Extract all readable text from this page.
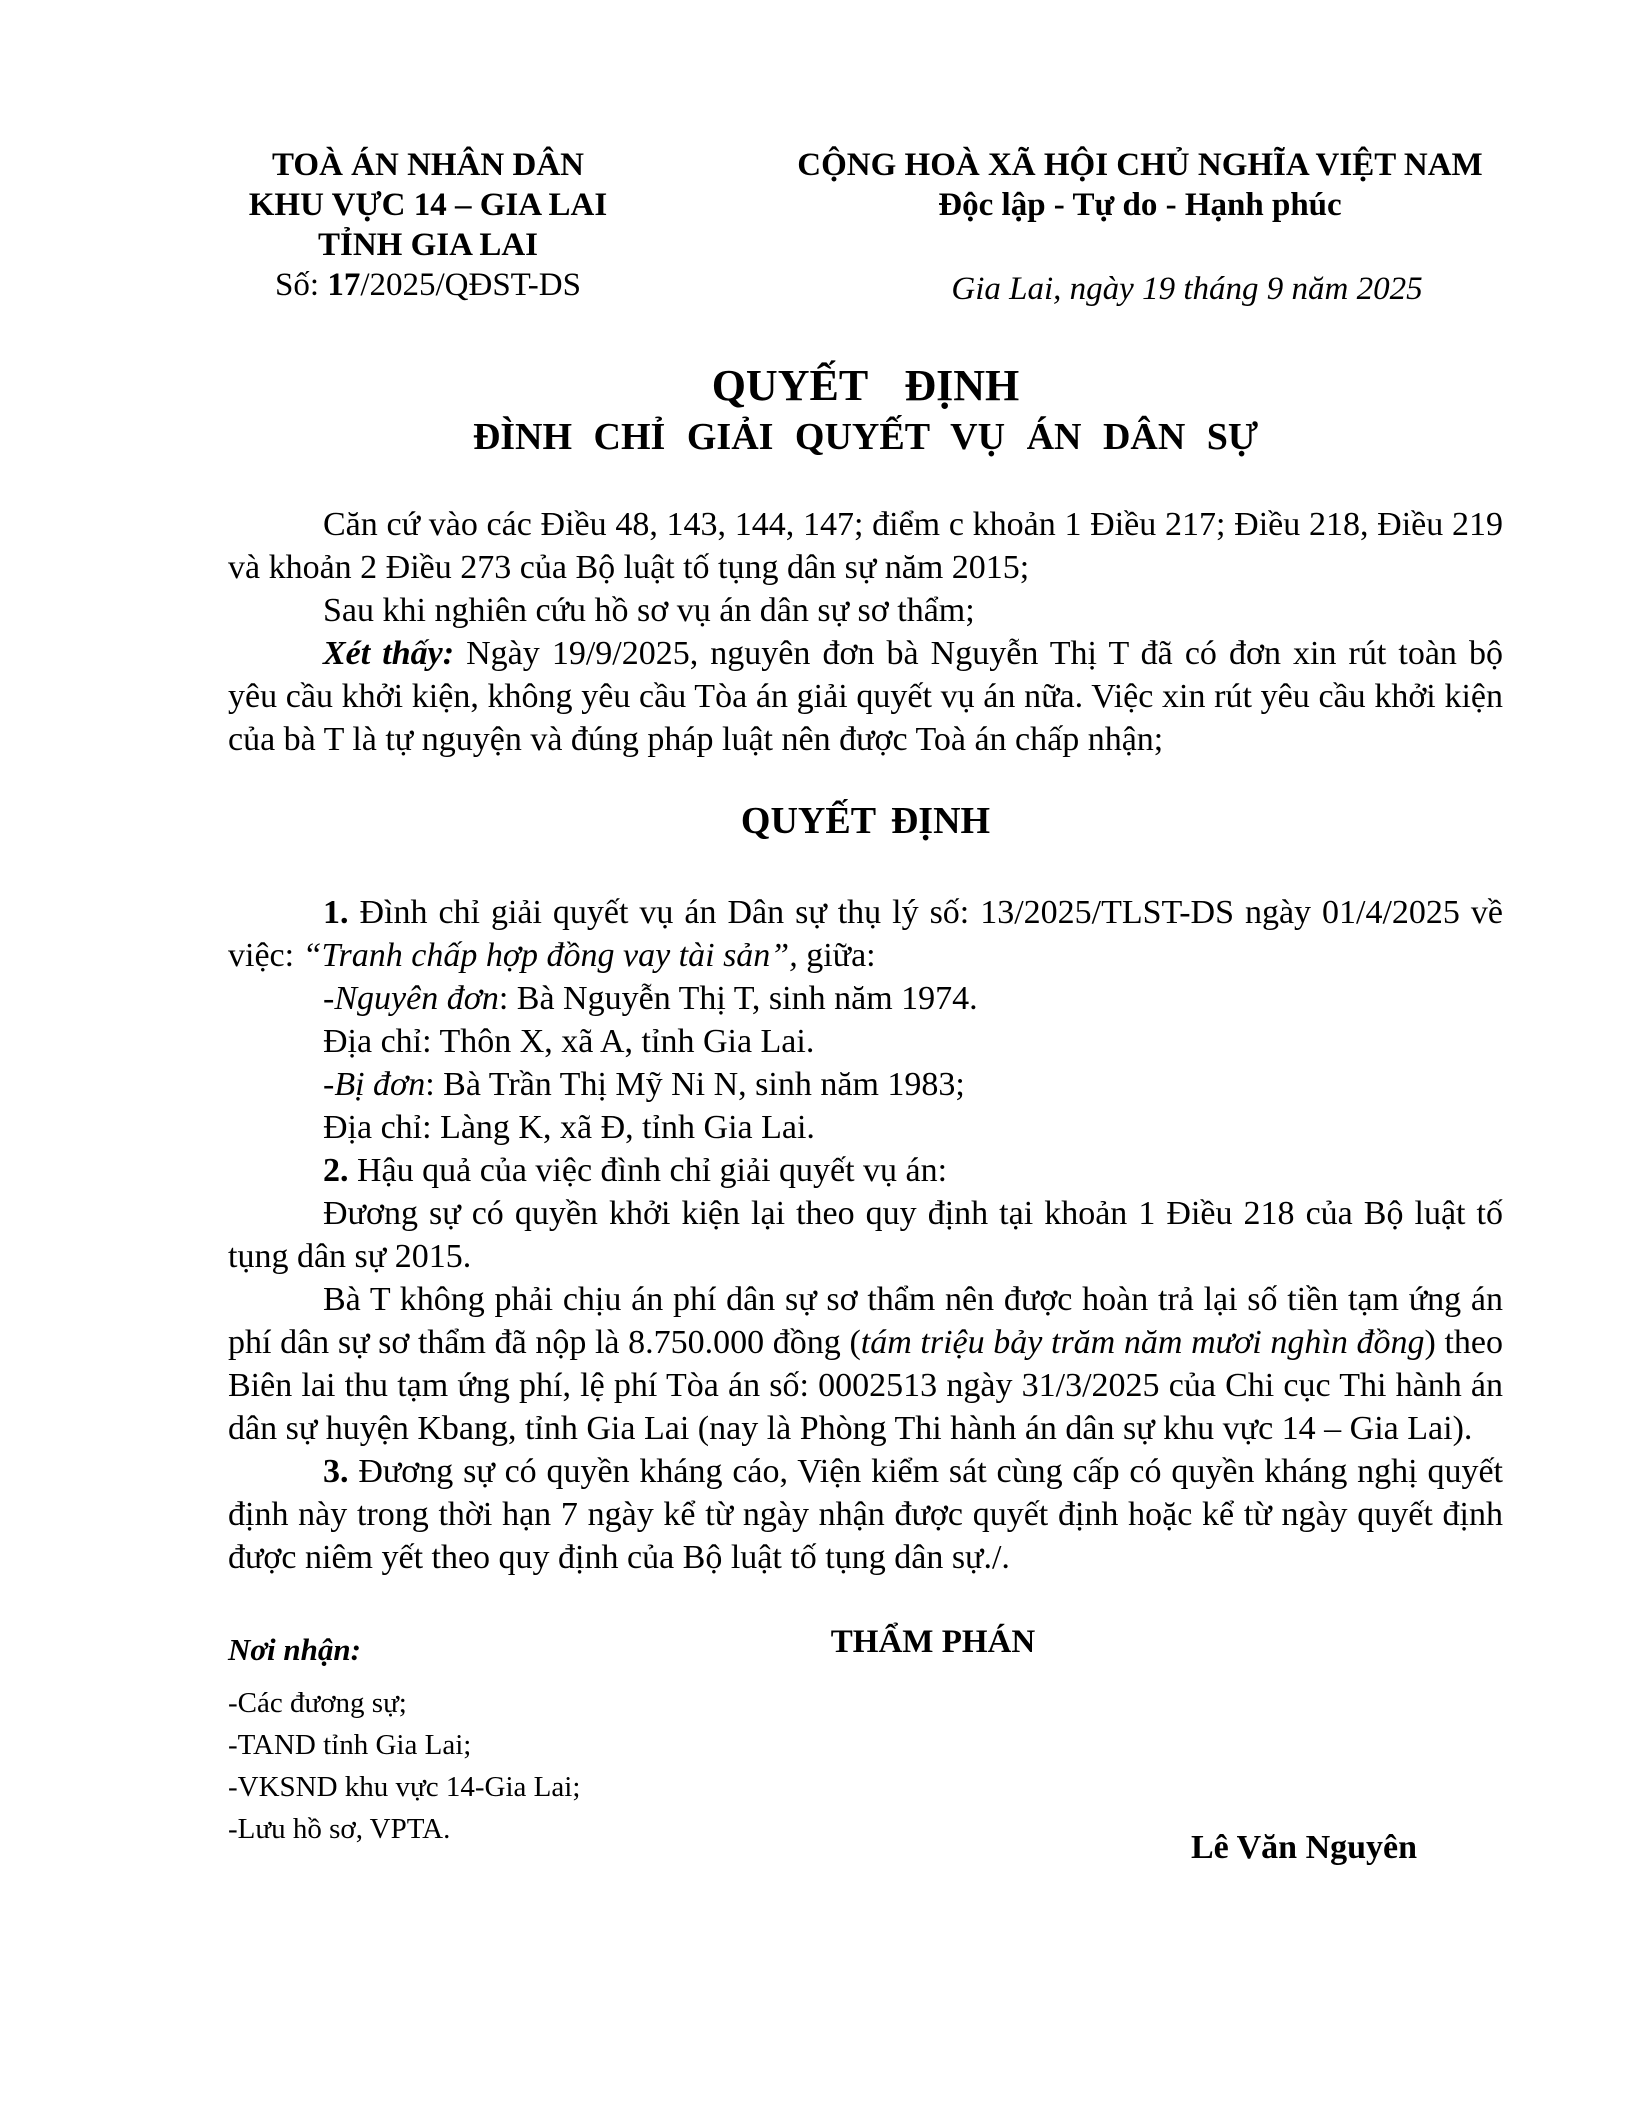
TOÀ ÁN NHÂN DÂN
KHU VỰC 14 – GIA LAI
TỈNH GIA LAI
Số: 17/2025/QĐST-DS
CỘNG HOÀ XÃ HỘI CHỦ NGHĨA VIỆT NAM
Độc lập - Tự do - Hạnh phúc
Gia Lai, ngày 19 tháng 9 năm 2025
QUYẾT ĐỊNH
ĐÌNH CHỈ GIẢI QUYẾT VỤ ÁN DÂN SỰ

Căn cứ vào các Điều 48, 143, 144, 147; điểm c khoản 1 Điều 217; Điều 218, Điều 219 và khoản 2 Điều 273 của Bộ luật tố tụng dân sự năm 2015;

Sau khi nghiên cứu hồ sơ vụ án dân sự sơ thẩm;

Xét thấy: Ngày 19/9/2025, nguyên đơn bà Nguyễn Thị T đã có đơn xin rút toàn bộ yêu cầu khởi kiện, không yêu cầu Tòa án giải quyết vụ án nữa. Việc xin rút yêu cầu khởi kiện của bà T là tự nguyện và đúng pháp luật nên được Toà án chấp nhận;

QUYẾT ĐỊNH

1. Đình chỉ giải quyết vụ án Dân sự thụ lý số: 13/2025/TLST-DS ngày 01/4/2025 về việc: “Tranh chấp hợp đồng vay tài sản”, giữa:

-Nguyên đơn: Bà Nguyễn Thị T, sinh năm 1974.

Địa chỉ: Thôn X, xã A, tỉnh Gia Lai.

-Bị đơn: Bà Trần Thị Mỹ Ni N, sinh năm 1983;

Địa chỉ: Làng K, xã Đ, tỉnh Gia Lai.

2. Hậu quả của việc đình chỉ giải quyết vụ án:

Đương sự có quyền khởi kiện lại theo quy định tại khoản 1 Điều 218 của Bộ luật tố tụng dân sự 2015.

Bà T không phải chịu án phí dân sự sơ thẩm nên được hoàn trả lại số tiền tạm ứng án phí dân sự sơ thẩm đã nộp là 8.750.000 đồng (tám triệu bảy trăm năm mươi nghìn đồng) theo Biên lai thu tạm ứng phí, lệ phí Tòa án số: 0002513 ngày 31/3/2025 của Chi cục Thi hành án dân sự huyện Kbang, tỉnh Gia Lai (nay là Phòng Thi hành án dân sự khu vực 14 – Gia Lai).

3. Đương sự có quyền kháng cáo, Viện kiểm sát cùng cấp có quyền kháng nghị quyết định này trong thời hạn 7 ngày kể từ ngày nhận được quyết định hoặc kể từ ngày quyết định được niêm yết theo quy định của Bộ luật tố tụng dân sự./.

Nơi nhận:
-Các đương sự;
-TAND tỉnh Gia Lai;
-VKSND khu vực 14-Gia Lai;
-Lưu hồ sơ, VPTA.
THẨM PHÁN
Lê Văn Nguyên
